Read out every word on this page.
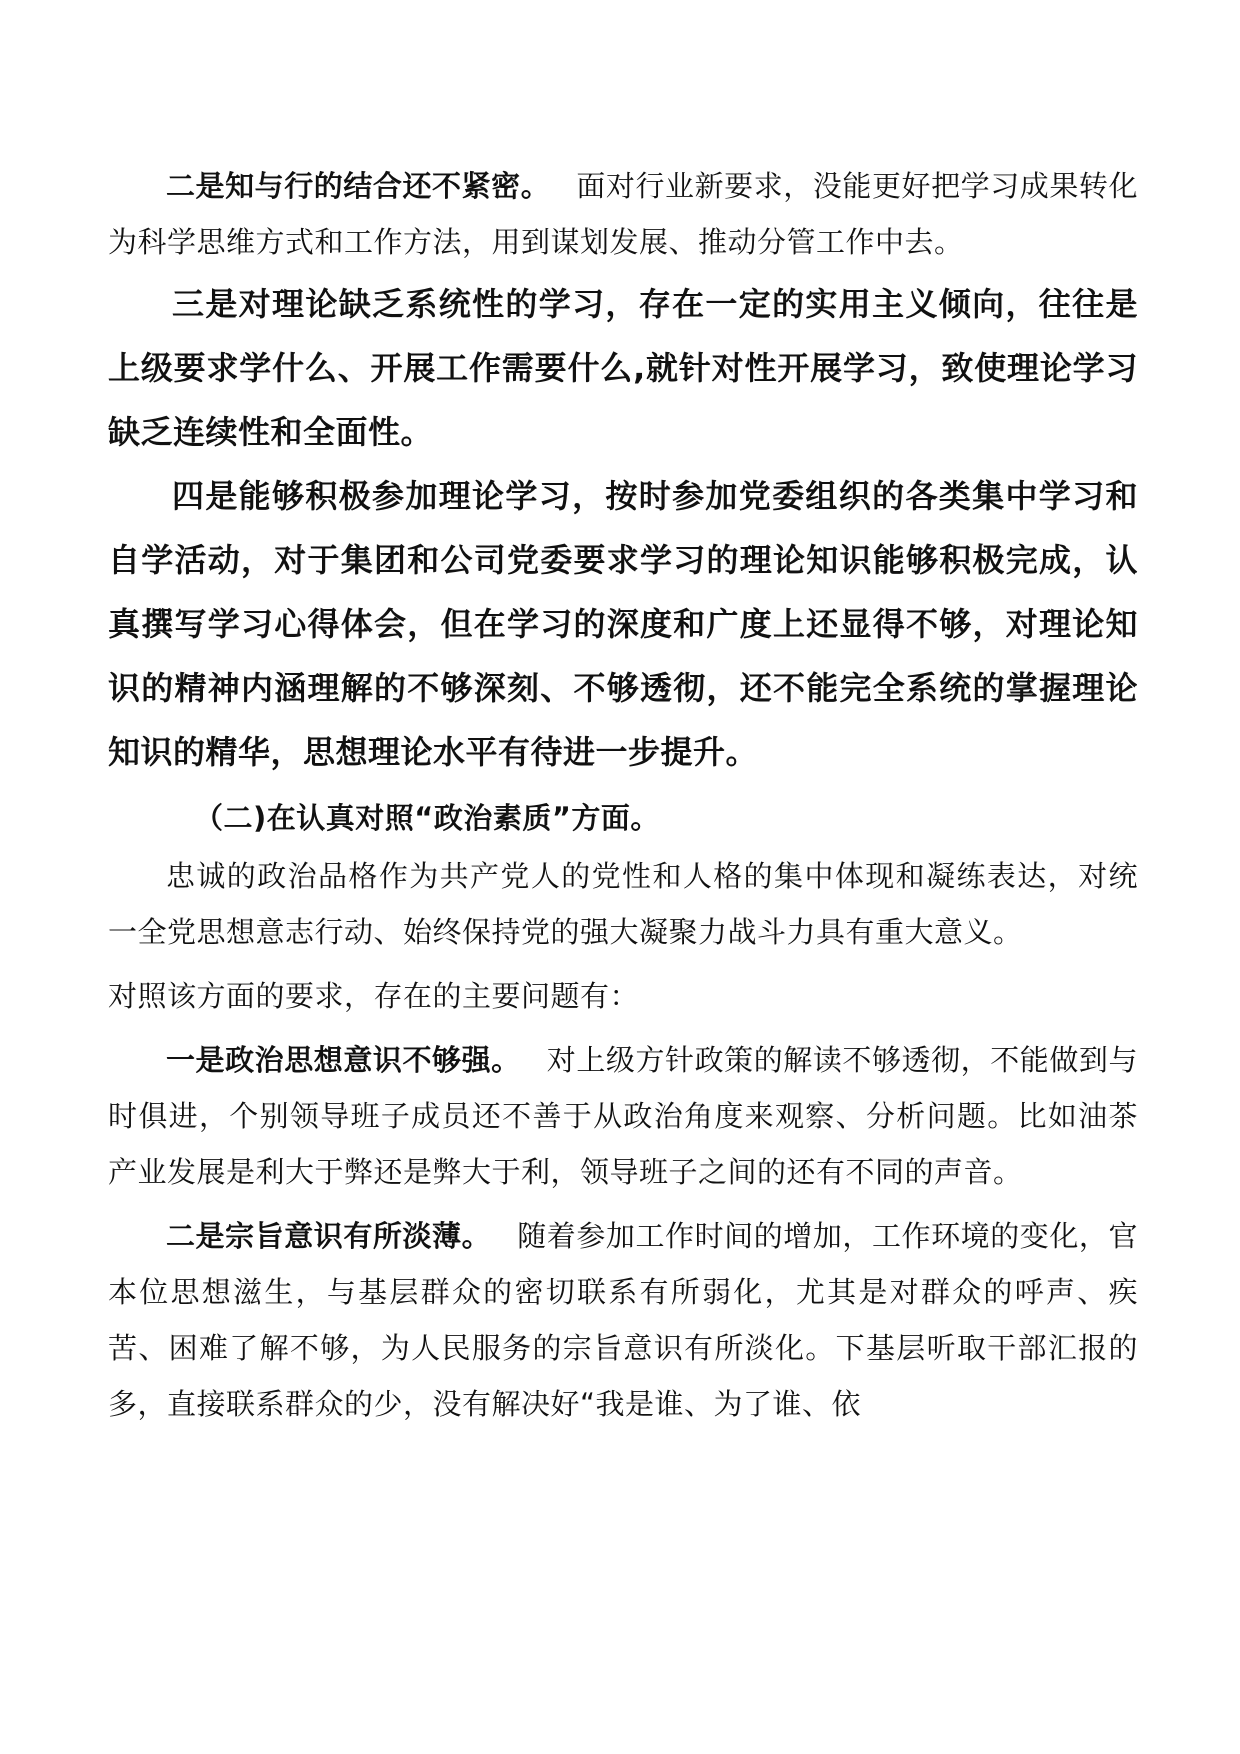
二是知与行的结合还不紧密。 面对行业新要求，没能更好把学习成果转化为科学思维方式和工作方法，用到谋划发展、推动分管工作中去。

三是对理论缺乏系统性的学习，存在一定的实用主义倾向，往往是上级要求学什么、开展工作需要什么,就针对性开展学习，致使理论学习缺乏连续性和全面性。

四是能够积极参加理论学习，按时参加党委组织的各类集中学习和自学活动，对于集团和公司党委要求学习的理论知识能够积极完成，认真撰写学习心得体会，但在学习的深度和广度上还显得不够，对理论知识的精神内涵理解的不够深刻、不够透彻，还不能完全系统的掌握理论知识的精华，思想理论水平有待进一步提升。

（二)在认真对照“政治素质”方面。

忠诚的政治品格作为共产党人的党性和人格的集中体现和凝练表达，对统一全党思想意志行动、始终保持党的强大凝聚力战斗力具有重大意义。

对照该方面的要求，存在的主要问题有：

一是政治思想意识不够强。 对上级方针政策的解读不够透彻，不能做到与时俱进，个别领导班子成员还不善于从政治角度来观察、分析问题。比如油茶产业发展是利大于弊还是弊大于利，领导班子之间的还有不同的声音。

二是宗旨意识有所淡薄。 随着参加工作时间的增加，工作环境的变化，官本位思想滋生，与基层群众的密切联系有所弱化，尤其是对群众的呼声、疾苦、困难了解不够，为人民服务的宗旨意识有所淡化。下基层听取干部汇报的多，直接联系群众的少，没有解决好“我是谁、为了谁、依
